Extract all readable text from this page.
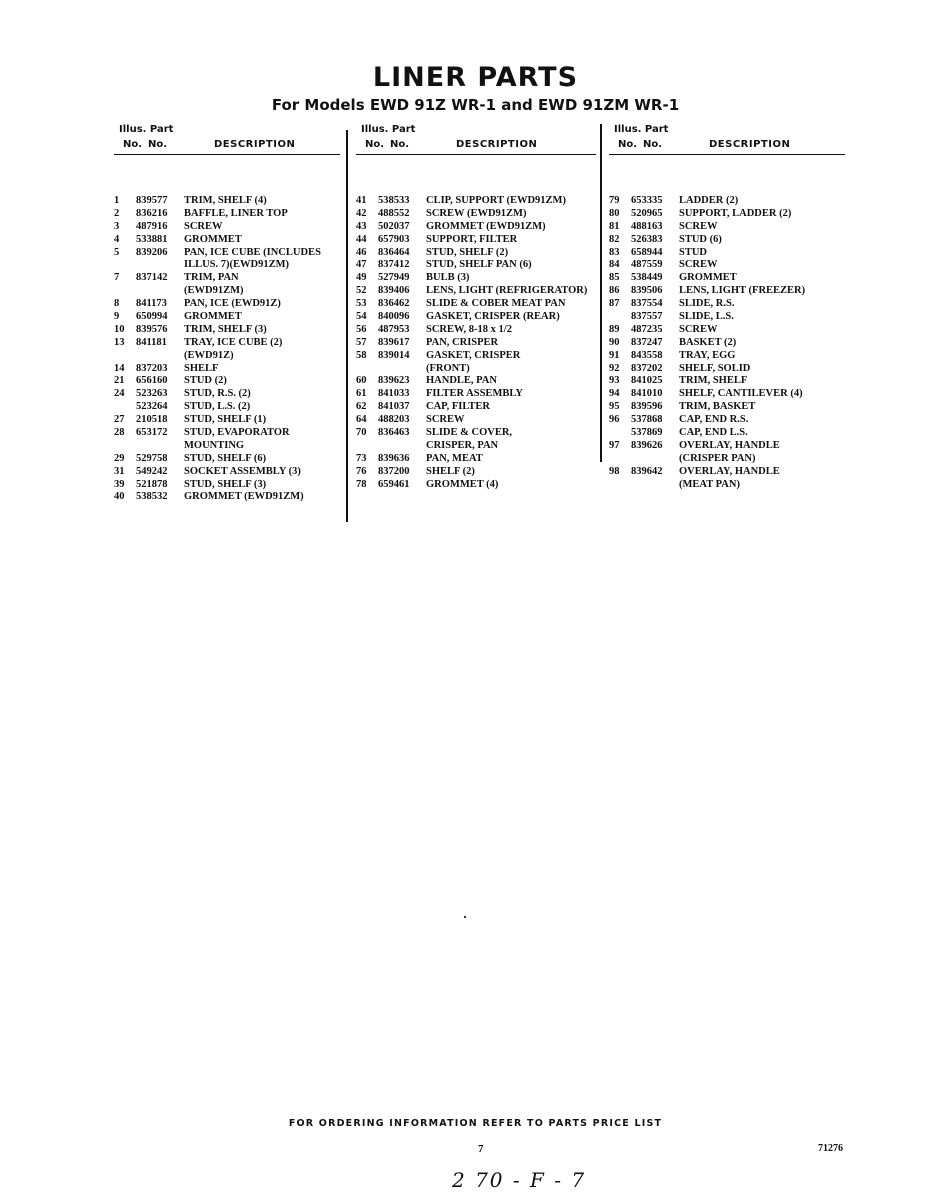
LINER PARTS
For Models EWD 91Z WR-1 and EWD 91ZM WR-1
Illus. Part
No. No.	DESCRIPTION
1	839577	TRIM, SHELF (4)
2	836216	BAFFLE, LINER TOP
3	487916	SCREW
4	533881	GROMMET
5	839206	PAN, ICE CUBE (INCLUDES
ILLUS. 7)(EWD91ZM)
7	837142	TRIM, PAN
(EWD91ZM)
8	841173	PAN, ICE (EWD91Z)
9	650994	GROMMET
10	839576	TRIM, SHELF (3)
13	841181	TRAY, ICE CUBE (2)
(EWD91Z)
14	837203	SHELF
21	656160	STUD (2)
24	523263	STUD, R.S. (2)
523264	STUD, L.S. (2)
27	210518	STUD, SHELF (1)
28	653172	STUD, EVAPORATOR
MOUNTING
29	529758	STUD, SHELF (6)
31	549242	SOCKET ASSEMBLY (3)
39	521878	STUD, SHELF (3)
40	538532	GROMMET (EWD91ZM)
Illus. Part
No. No.	DESCRIPTION
41	538533	CLIP, SUPPORT (EWD91ZM)
42	488552	SCREW (EWD91ZM)
43	502037	GROMMET (EWD91ZM)
44	657903	SUPPORT, FILTER
46	836464	STUD, SHELF (2)
47	837412	STUD, SHELF PAN (6)
49	527949	BULB (3)
52	839406	LENS, LIGHT (REFRIGERATOR)
53	836462	SLIDE & COBER MEAT PAN
54	840096	GASKET, CRISPER (REAR)
56	487953	SCREW, 8-18 x 1/2
57	839617	PAN, CRISPER
58	839014	GASKET, CRISPER
(FRONT)
60	839623	HANDLE, PAN
61	841033	FILTER ASSEMBLY
62	841037	CAP, FILTER
64	488203	SCREW
70	836463	SLIDE & COVER,
CRISPER, PAN
73	839636	PAN, MEAT
76	837200	SHELF (2)
78	659461	GROMMET (4)
Illus. Part
No. No.	DESCRIPTION
79	653335	LADDER (2)
80	520965	SUPPORT, LADDER (2)
81	488163	SCREW
82	526383	STUD (6)
83	658944	STUD
84	487559	SCREW
85	538449	GROMMET
86	839506	LENS, LIGHT (FREEZER)
87	837554	SLIDE, R.S.
837557	SLIDE, L.S.
89	487235	SCREW
90	837247	BASKET (2)
91	843558	TRAY, EGG
92	837202	SHELF, SOLID
93	841025	TRIM, SHELF
94	841010	SHELF, CANTILEVER (4)
95	839596	TRIM, BASKET
96	537868	CAP, END R.S.
537869	CAP, END L.S.
97	839626	OVERLAY, HANDLE
(CRISPER PAN)
98	839642	OVERLAY, HANDLE
(MEAT PAN)
FOR ORDERING INFORMATION REFER TO PARTS PRICE LIST
7	71276
2 70 - F - 7
